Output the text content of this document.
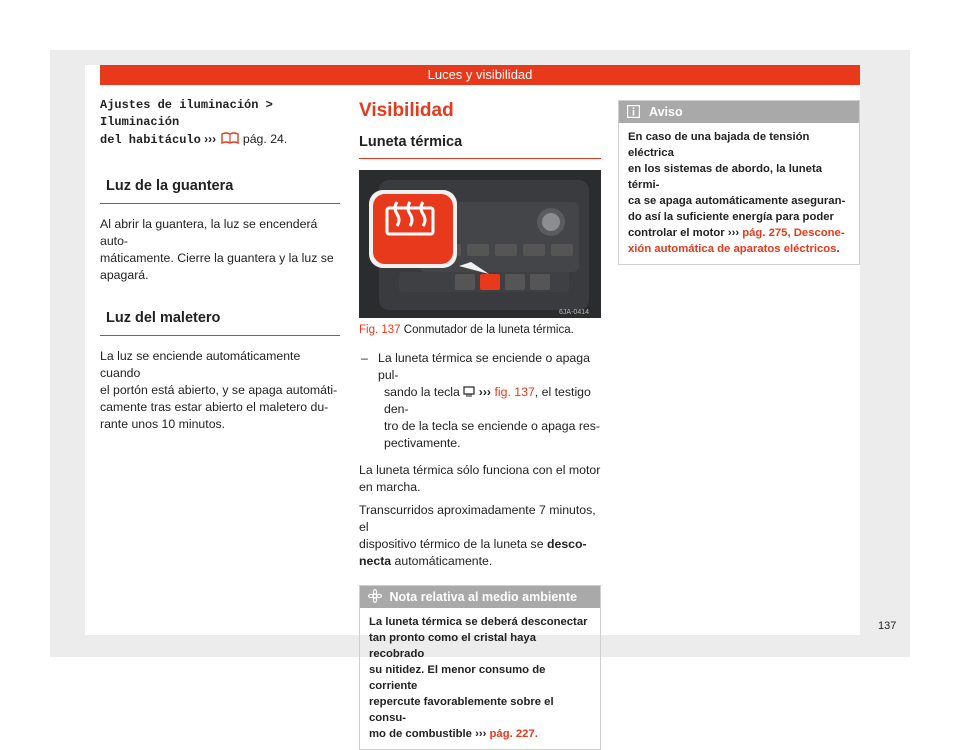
Luces y visibilidad
Ajustes de iluminación > Iluminación
del habitáculo ››› pág. 24.
Luz de la guantera

Al abrir la guantera, la luz se encenderá auto-

máticamente. Cierre la guantera y la luz se

apagará.

Luz del maletero

La luz se enciende automáticamente cuando

el portón está abierto, y se apaga automáti-

camente tras estar abierto el maletero du-

rante unos 10 minutos.

Visibilidad
Luneta térmica
6JA-0414
Fig. 137 Conmutador de la luneta térmica.
– La luneta térmica se enciende o apaga pul-

sando la tecla ››› fig. 137, el testigo den-

tro de la tecla se enciende o apaga res-

pectivamente.

La luneta térmica sólo funciona con el motor

en marcha.

Transcurridos aproximadamente 7 minutos, el

dispositivo térmico de la luneta se desco-

necta automáticamente.

Nota relativa al medio ambiente
La luneta térmica se deberá desconectar
tan pronto como el cristal haya recobrado
su nitidez. El menor consumo de corriente
repercute favorablemente sobre el consu-
mo de combustible ››› pág. 227.
Aviso
En caso de una bajada de tensión eléctrica
en los sistemas de abordo, la luneta térmi-
ca se apaga automáticamente aseguran-
do así la suficiente energía para poder
controlar el motor ››› pág. 275, Descone-
xión automática de aparatos eléctricos.
137
